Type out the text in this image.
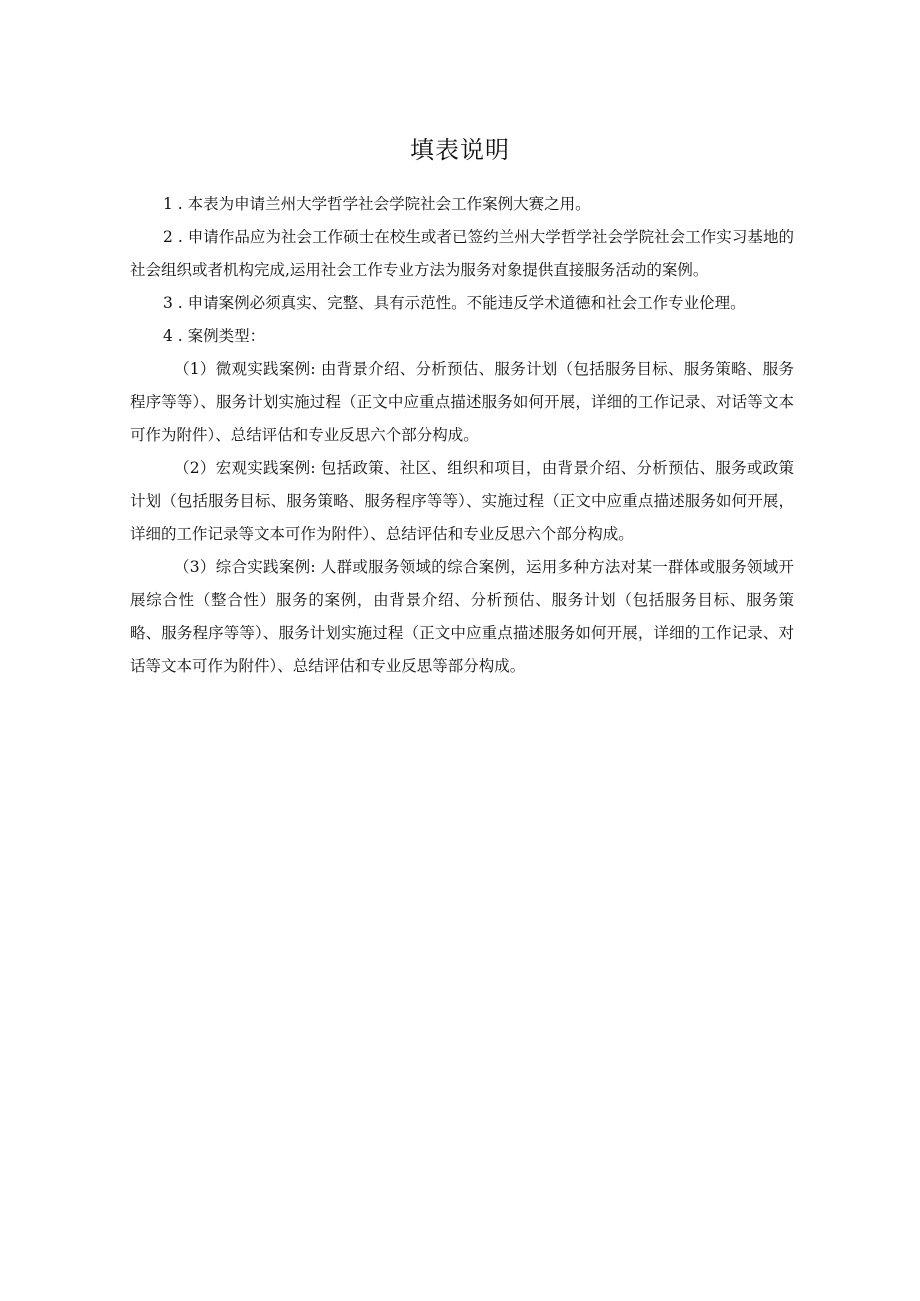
填表说明

1 . 本表为申请兰州大学哲学社会学院社会工作案例大赛之用。

2 . 申请作品应为社会工作硕士在校生或者已签约兰州大学哲学社会学院社会工作实习基地的社会组织或者机构完成,运用社会工作专业方法为服务对象提供直接服务活动的案例。

3 . 申请案例必须真实、完整、具有示范性。不能违反学术道德和社会工作专业伦理。

4 . 案例类型：

（1）微观实践案例: 由背景介绍、分析预估、服务计划（包括服务目标、服务策略、服务程序等等）、服务计划实施过程（正文中应重点描述服务如何开展，详细的工作记录、对话等文本可作为附件）、总结评估和专业反思六个部分构成。

（2）宏观实践案例: 包括政策、社区、组织和项目，由背景介绍、分析预估、服务或政策计划（包括服务目标、服务策略、服务程序等等）、实施过程（正文中应重点描述服务如何开展，详细的工作记录等文本可作为附件）、总结评估和专业反思六个部分构成。

（3）综合实践案例: 人群或服务领域的综合案例，运用多种方法对某一群体或服务领域开展综合性（整合性）服务的案例，由背景介绍、分析预估、服务计划（包括服务目标、服务策略、服务程序等等）、服务计划实施过程（正文中应重点描述服务如何开展，详细的工作记录、对话等文本可作为附件）、总结评估和专业反思等部分构成。
